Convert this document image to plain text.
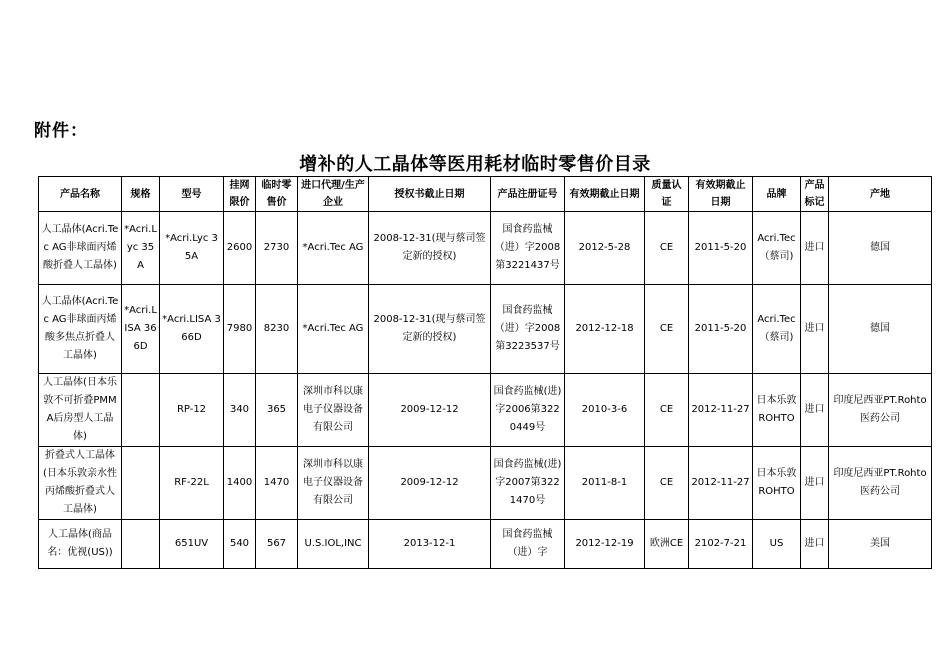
附件：
增补的人工晶体等医用耗材临时零售价目录
产品名称	规格	型号	挂网限价	临时零售价	进口代理/生产企业	授权书截止日期	产品注册证号	有效期截止日期	质量认证	有效期截止日期	品牌	产品标记	产地
人工晶体(Acri.Tec AG非球面丙烯酸折叠人工晶体)	*Acri.Lyc 35A	*Acri.Lyc 35A	2600	2730	*Acri.Tec AG	2008-12-31(现与蔡司签定新的授权)	国食药监械（进）字2008第3221437号	2012-5-28	CE	2011-5-20	Acri.Tec（蔡司)	进口	德国
人工晶体(Acri.Tec AG非球面丙烯酸多焦点折叠人工晶体)	*Acri.LISA 366D	*Acri.LISA 366D	7980	8230	*Acri.Tec AG	2008-12-31(现与蔡司签定新的授权)	国食药监械（进）字2008第3223537号	2012-12-18	CE	2011-5-20	Acri.Tec（蔡司)	进口	德国
人工晶体(日本乐敦不可折叠PMMA后房型人工晶体)		RP-12	340	365	深圳市科以康电子仪器设备有限公司	2009-12-12	国食药监械(进)字2006第3220449号	2010-3-6	CE	2012-11-27	日本乐敦ROHTO	进口	印度尼西亚PT.Rohto医药公司
折叠式人工晶体(日本乐敦亲水性丙烯酸折叠式人工晶体)		RF-22L	1400	1470	深圳市科以康电子仪器设备有限公司	2009-12-12	国食药监械(进)字2007第3221470号	2011-8-1	CE	2012-11-27	日本乐敦ROHTO	进口	印度尼西亚PT.Rohto医药公司
人工晶体(商品名：优视(US))		651UV	540	567	U.S.IOL,INC	2013-12-1	国食药监械（进）字	2012-12-19	欧洲CE	2102-7-21	US	进口	美国
